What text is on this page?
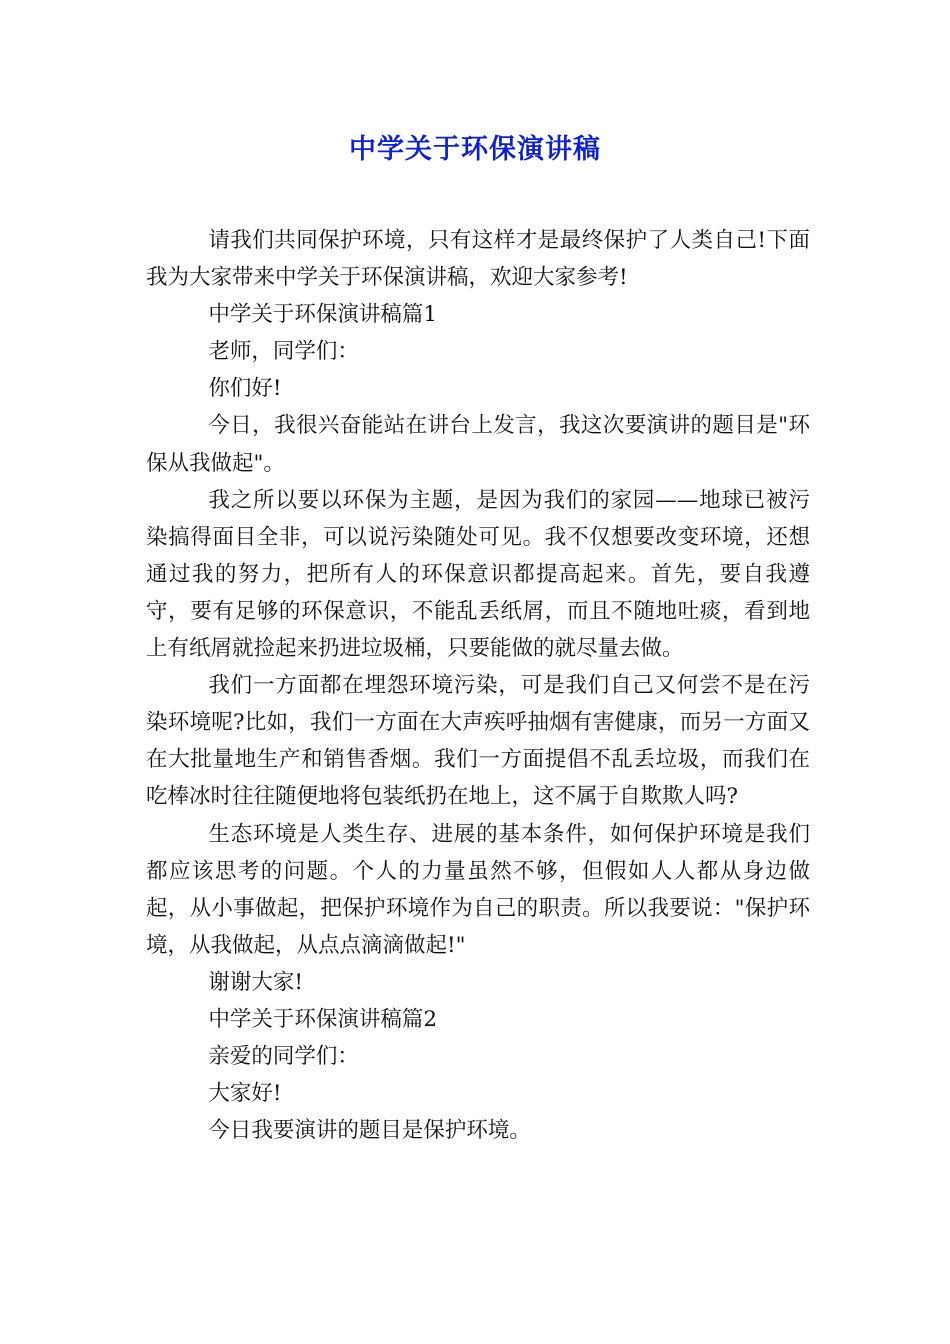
中学关于环保演讲稿

请我们共同保护环境，只有这样才是最终保护了人类自己!下面我为大家带来中学关于环保演讲稿，欢迎大家参考!

中学关于环保演讲稿篇1

老师，同学们：

你们好!

今日，我很兴奋能站在讲台上发言，我这次要演讲的题目是"环保从我做起"。

我之所以要以环保为主题，是因为我们的家园——地球已被污染搞得面目全非，可以说污染随处可见。我不仅想要改变环境，还想通过我的努力，把所有人的环保意识都提高起来。首先，要自我遵守，要有足够的环保意识，不能乱丢纸屑，而且不随地吐痰，看到地上有纸屑就捡起来扔进垃圾桶，只要能做的就尽量去做。

我们一方面都在埋怨环境污染，可是我们自己又何尝不是在污染环境呢?比如，我们一方面在大声疾呼抽烟有害健康，而另一方面又在大批量地生产和销售香烟。我们一方面提倡不乱丢垃圾，而我们在吃棒冰时往往随便地将包装纸扔在地上，这不属于自欺欺人吗?

生态环境是人类生存、进展的基本条件，如何保护环境是我们都应该思考的问题。个人的力量虽然不够，但假如人人都从身边做起，从小事做起，把保护环境作为自己的职责。所以我要说："保护环境，从我做起，从点点滴滴做起!"

谢谢大家!

中学关于环保演讲稿篇2

亲爱的同学们：

大家好!

今日我要演讲的题目是保护环境。
